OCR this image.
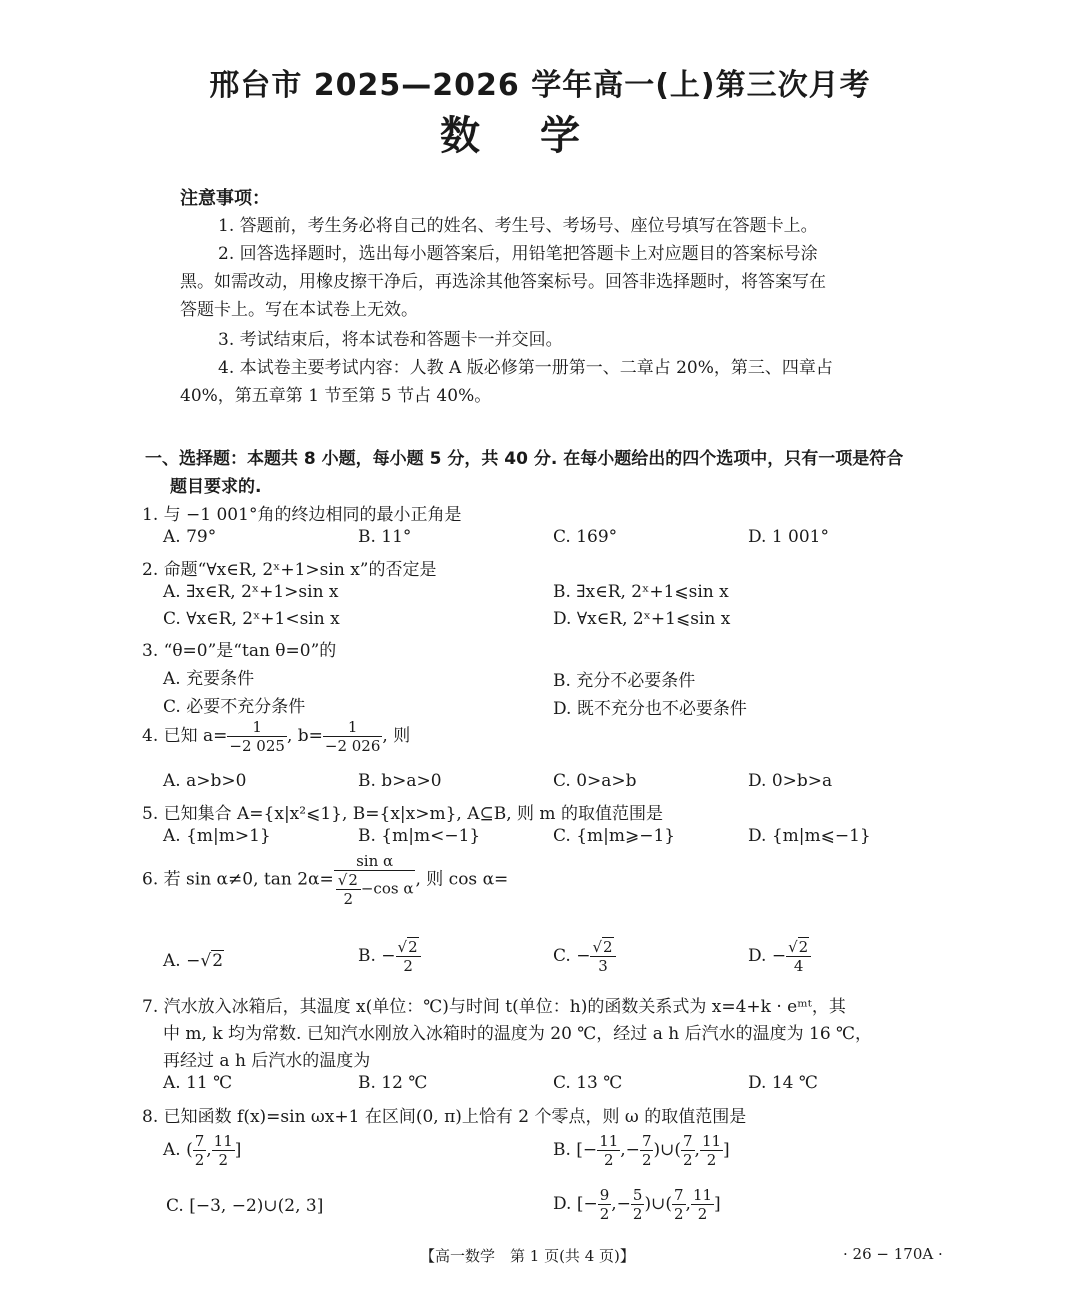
邢台市 2025—2026 学年高一(上)第三次月考
数学
注意事项：
1. 答题前，考生务必将自己的姓名、考生号、考场号、座位号填写在答题卡上。
2. 回答选择题时，选出每小题答案后，用铅笔把答题卡上对应题目的答案标号涂
黑。如需改动，用橡皮擦干净后，再选涂其他答案标号。回答非选择题时，将答案写在
答题卡上。写在本试卷上无效。
3. 考试结束后，将本试卷和答题卡一并交回。
4. 本试卷主要考试内容：人教 A 版必修第一册第一、二章占 20%，第三、四章占
40%，第五章第 1 节至第 5 节占 40%。
一、选择题：本题共 8 小题，每小题 5 分，共 40 分. 在每小题给出的四个选项中，只有一项是符合
题目要求的.
1. 与 −1 001°角的终边相同的最小正角是
A. 79°	B. 11°	C. 169°	D. 1 001°
2. 命题“∀x∈R, 2ˣ+1>sin x”的否定是
A. ∃x∈R, 2ˣ+1>sin x	B. ∃x∈R, 2ˣ+1⩽sin x
C. ∀x∈R, 2ˣ+1<sin x	D. ∀x∈R, 2ˣ+1⩽sin x
3. “θ=0”是“tan θ=0”的
A. 充要条件	B. 充分不必要条件
C. 必要不充分条件	D. 既不充分也不必要条件
4. 已知 $a= \frac{1}{-2 025}$ , $b= \frac{1}{-2 026}$ , 则
A. a>b>0	B. b>a>0	C. 0>a>b	D. 0>b>a
5. 已知集合 A={x|x²⩽1}, B={x|x>m}, A⊆B, 则 m 的取值范围是
A. {m|m>1}	B. {m|m<−1}	C. {m|m⩾−1}	D. {m|m⩽−1}
6. 若 sin α≠0, $\tan 2\alpha= \frac{\text{sin α}}{\frac{√2}{2} -\cos \alpha}$ , 则 cos α=
A. −√2	B. − $\frac{√2}{2}$	C. − $\frac{√2}{3}$	D. − $\frac{√2}{4}$
7. 汽水放入冰箱后，其温度 x(单位：℃)与时间 t(单位：h)的函数关系式为 x=4+k · eᵐᵗ，其
中 m, k 均为常数. 已知汽水刚放入冰箱时的温度为 20 ℃，经过 a h 后汽水的温度为 16 ℃，
再经过 a h 后汽水的温度为
A. 11 ℃	B. 12 ℃	C. 13 ℃	D. 14 ℃
8. 已知函数 f(x)=sin ωx+1 在区间(0, π)上恰有 2 个零点，则 ω 的取值范围是
A. ( $\frac{7}{2}$ , $\frac{11}{2}$ ]	B. [− $\frac{11}{2}$ ,− $\frac{7}{2}$ )∪( $\frac{7}{2}$ , $\frac{11}{2}$ ]
C. [−3, −2)∪(2, 3]	D. [− $\frac{9}{2}$ ,− $\frac{5}{2}$ )∪( $\frac{7}{2}$ , $\frac{11}{2}$ ]
【高一数学　第 1 页(共 4 页)】	· 26 − 170A ·
